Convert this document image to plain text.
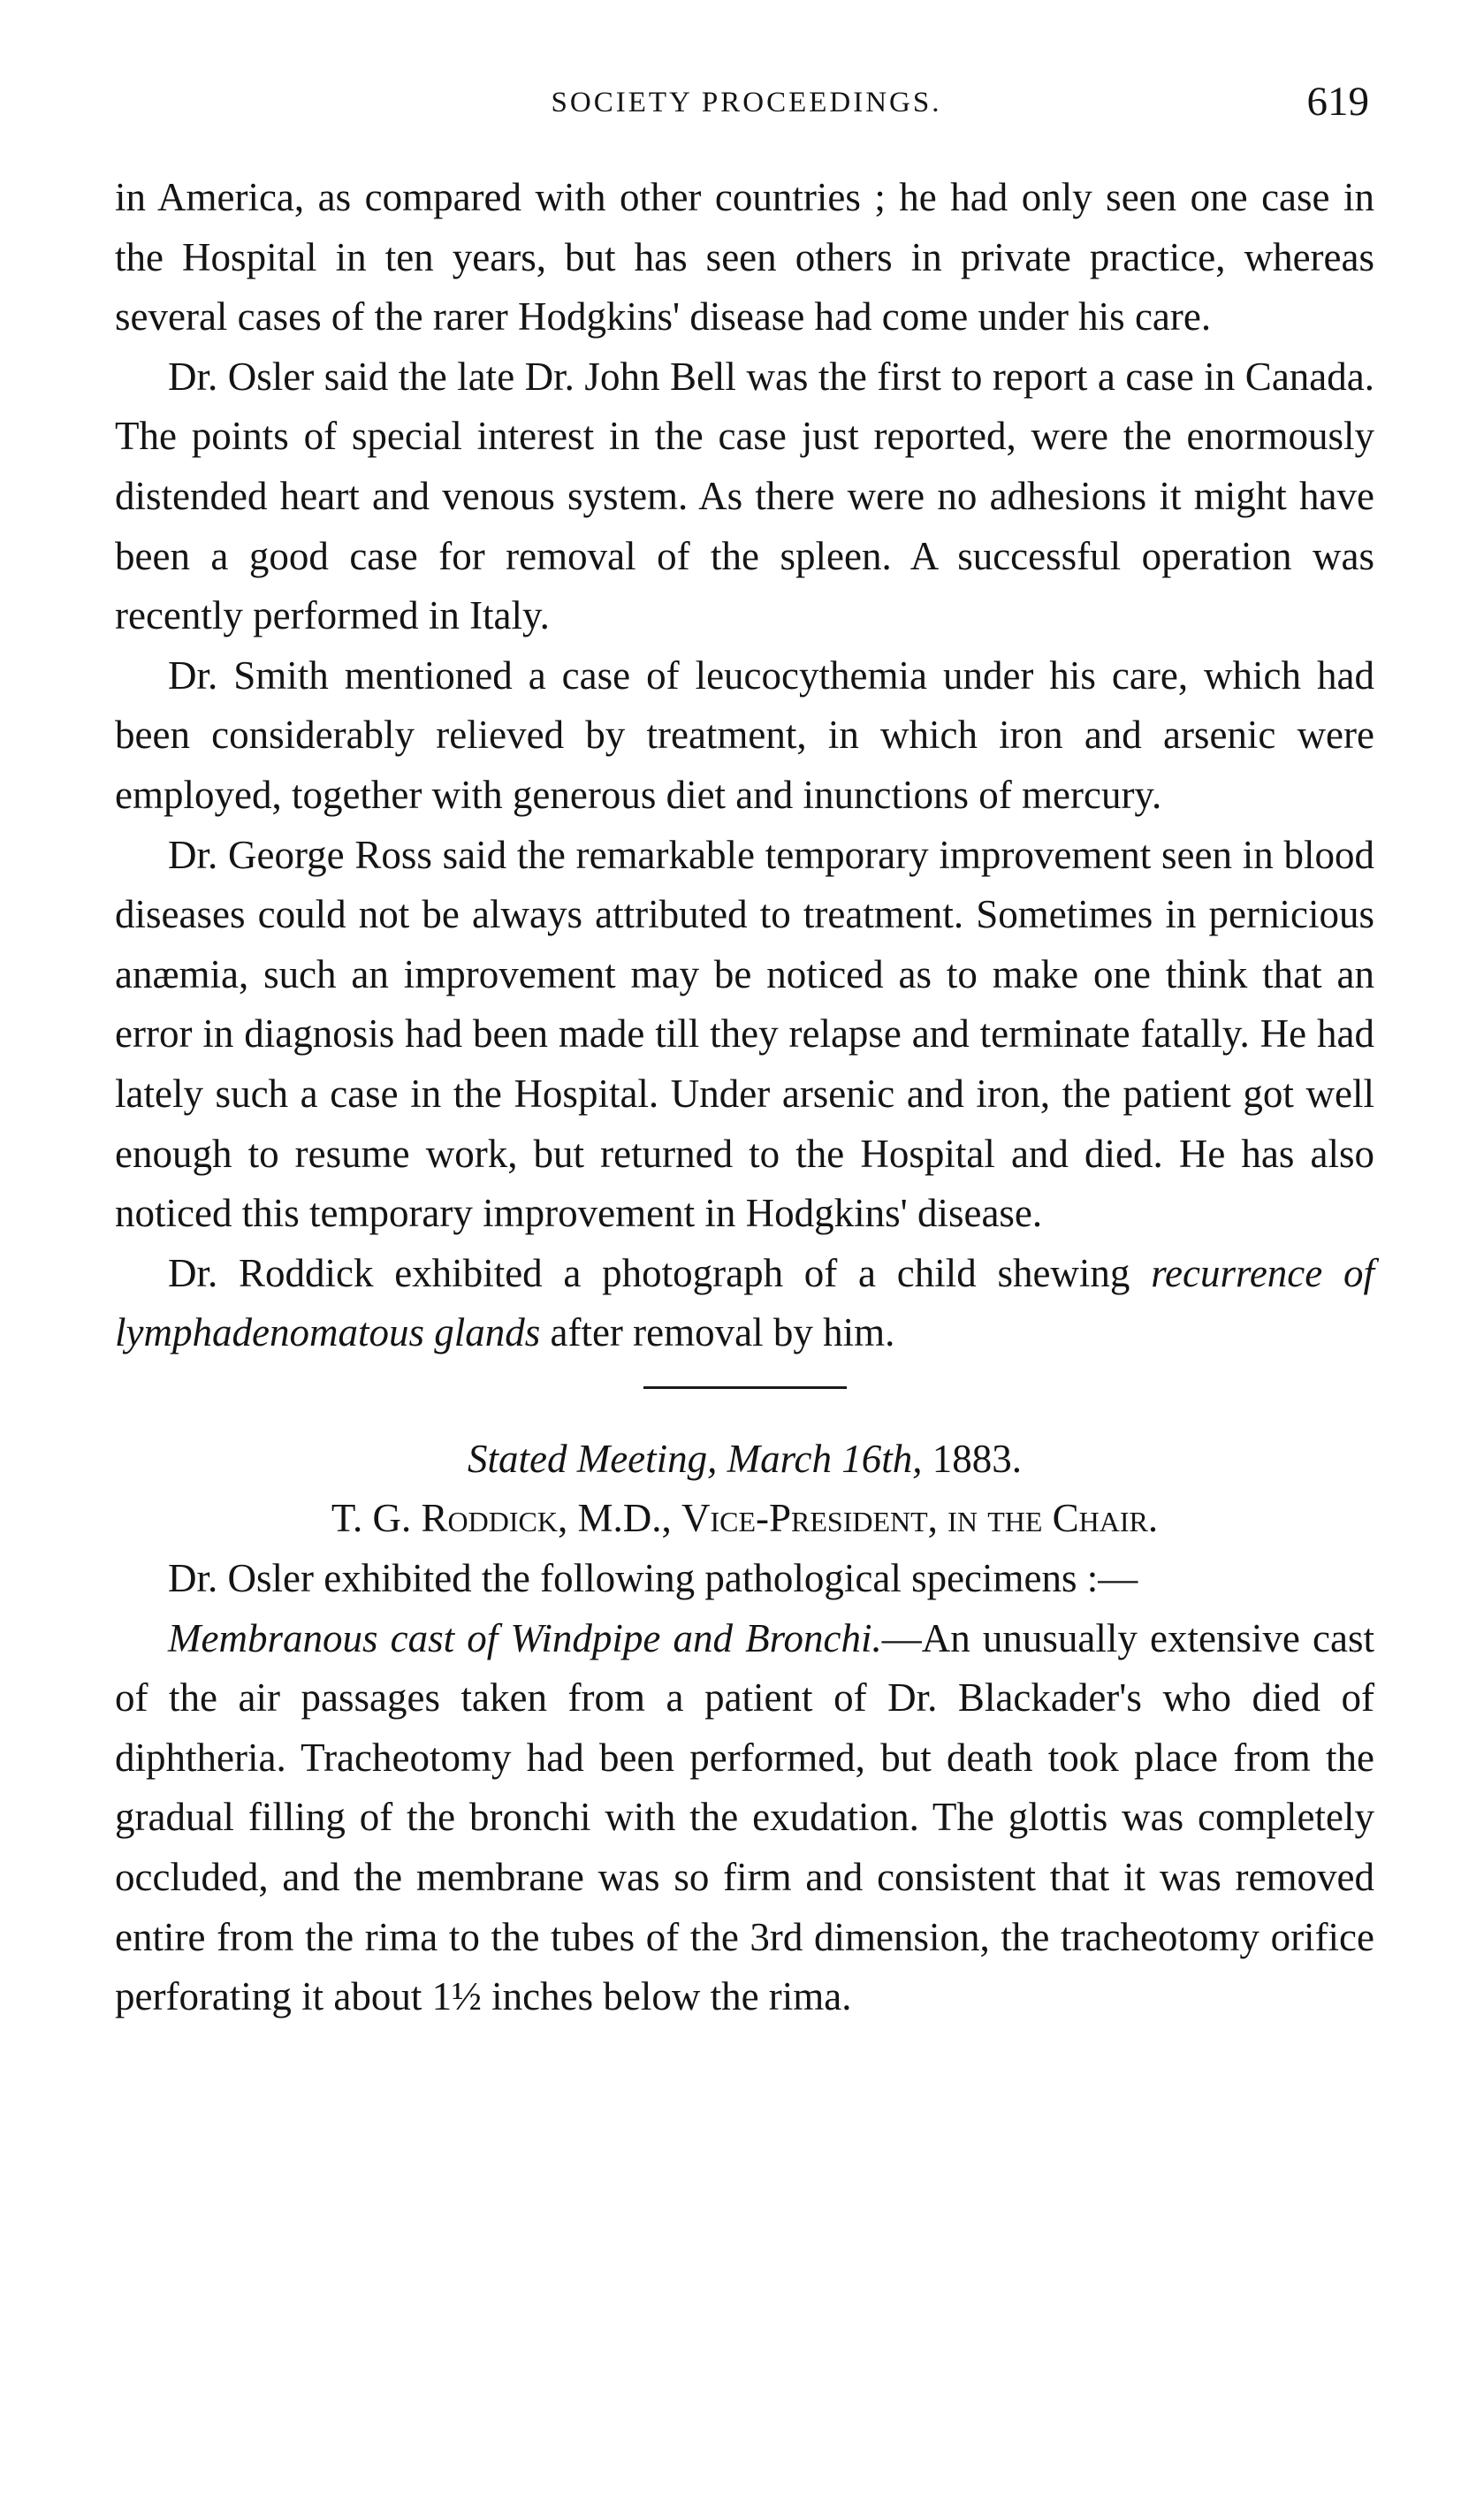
SOCIETY PROCEEDINGS.	619

in America, as compared with other countries ; he had only seen one case in the Hospital in ten years, but has seen others in private practice, whereas several cases of the rarer Hodgkins' disease had come under his care.

Dr. Osler said the late Dr. John Bell was the first to report a case in Canada. The points of special interest in the case just reported, were the enormously distended heart and venous system. As there were no adhesions it might have been a good case for removal of the spleen. A successful operation was recently performed in Italy.

Dr. Smith mentioned a case of leucocythemia under his care, which had been considerably relieved by treatment, in which iron and arsenic were employed, together with generous diet and inunctions of mercury.

Dr. George Ross said the remarkable temporary improvement seen in blood diseases could not be always attributed to treatment. Sometimes in pernicious anæmia, such an improvement may be noticed as to make one think that an error in diagnosis had been made till they relapse and terminate fatally. He had lately such a case in the Hospital. Under arsenic and iron, the patient got well enough to resume work, but returned to the Hospital and died. He has also noticed this temporary improvement in Hodgkins' disease.

Dr. Roddick exhibited a photograph of a child shewing recurrence of lymphadenomatous glands after removal by him.

Stated Meeting, March 16th, 1883.

T. G. Roddick, M.D., Vice-President, in the Chair.

Dr. Osler exhibited the following pathological specimens :—

Membranous cast of Windpipe and Bronchi.—An unusually extensive cast of the air passages taken from a patient of Dr. Blackader's who died of diphtheria. Tracheotomy had been performed, but death took place from the gradual filling of the bronchi with the exudation. The glottis was completely occluded, and the membrane was so firm and consistent that it was removed entire from the rima to the tubes of the 3rd dimension, the tracheotomy orifice perforating it about 1½ inches below the rima.
